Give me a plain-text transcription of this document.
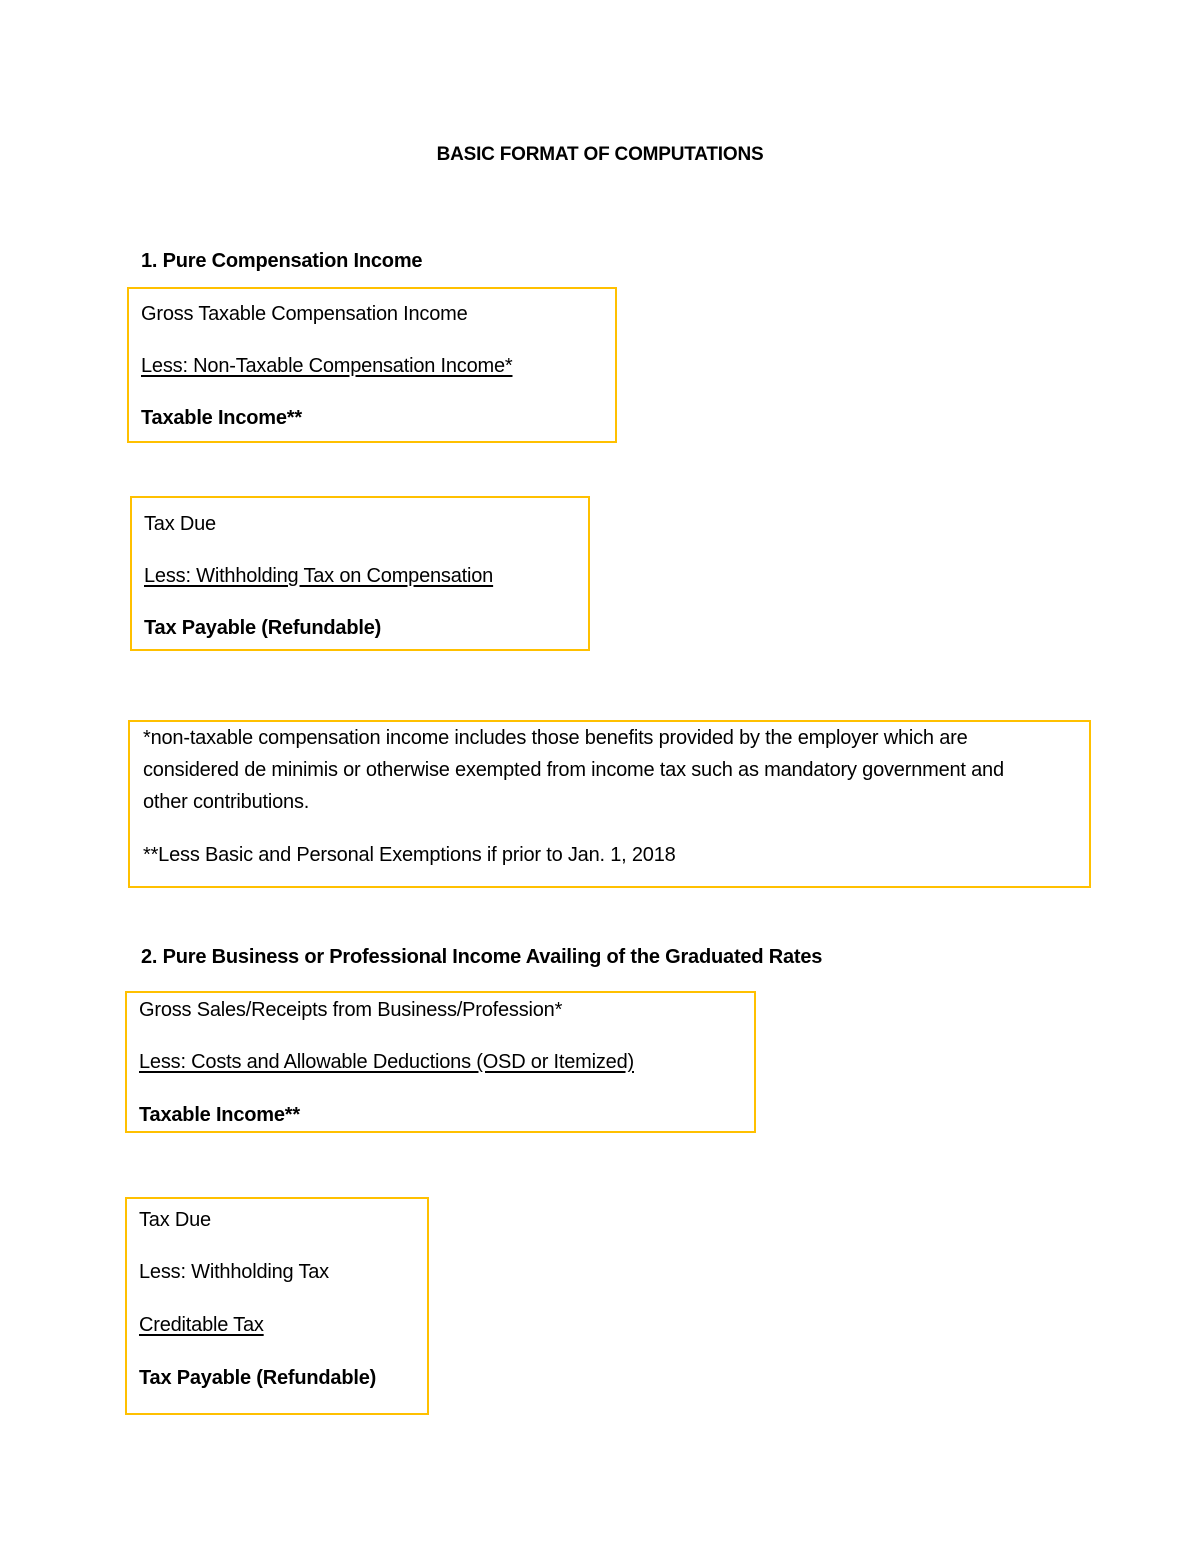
BASIC FORMAT OF COMPUTATIONS
1. Pure Compensation Income
Gross Taxable Compensation Income
Less: Non-Taxable Compensation Income*
Taxable Income**
Tax Due
Less: Withholding Tax on Compensation
Tax Payable (Refundable)
*non-taxable compensation income includes those benefits provided by the employer which are considered de minimis or otherwise exempted from income tax such as mandatory government and other contributions.
**Less Basic and Personal Exemptions if prior to Jan. 1, 2018
2. Pure Business or Professional Income Availing of the Graduated Rates
Gross Sales/Receipts from Business/Profession*
Less: Costs and Allowable Deductions (OSD or Itemized)
Taxable Income**
Tax Due
Less: Withholding Tax
Creditable Tax
Tax Payable (Refundable)
